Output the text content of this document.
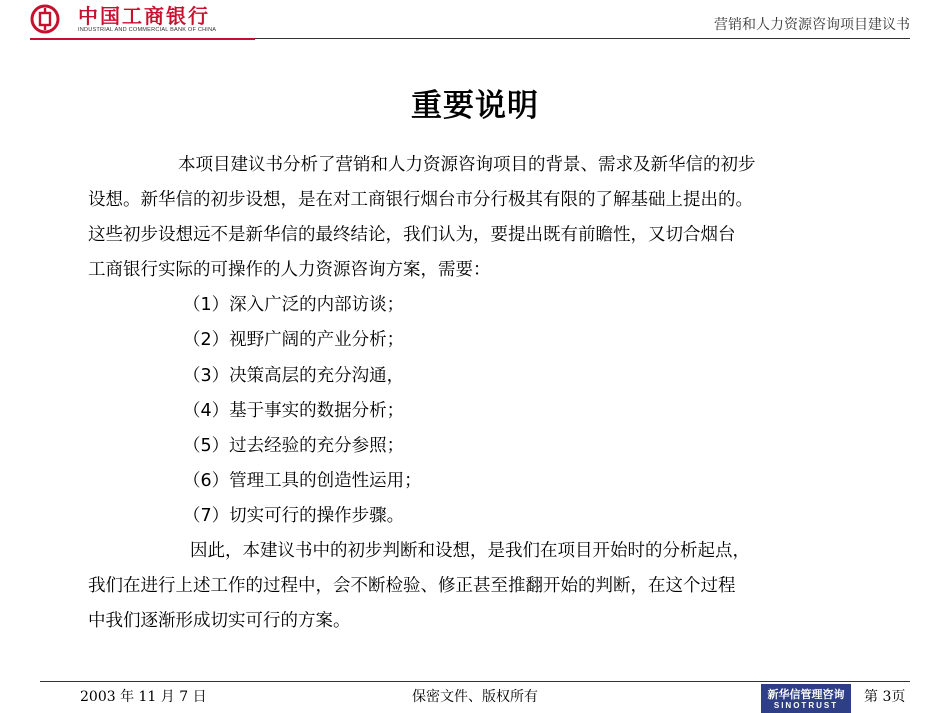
中国工商银行
INDUSTRIAL AND COMMERCIAL BANK OF CHINA	营销和人力资源咨询项目建议书
重要说明
本项目建议书分析了营销和人力资源咨询项目的背景、需求及新华信的初步
设想。新华信的初步设想，是在对工商银行烟台市分行极其有限的了解基础上提出的。
这些初步设想远不是新华信的最终结论，我们认为，要提出既有前瞻性，又切合烟台
工商银行实际的可操作的人力资源咨询方案，需要：
（1）深入广泛的内部访谈；
（2）视野广阔的产业分析；
（3）决策高层的充分沟通，
（4）基于事实的数据分析；
（5）过去经验的充分参照；
（6）管理工具的创造性运用；
（7）切实可行的操作步骤。
因此，本建议书中的初步判断和设想，是我们在项目开始时的分析起点，
我们在进行上述工作的过程中，会不断检验、修正甚至推翻开始的判断，在这个过程
中我们逐渐形成切实可行的方案。
2003 年 11 月 7 日	保密文件、版权所有	新华信管理咨询
SINOTRUST
第 3页
